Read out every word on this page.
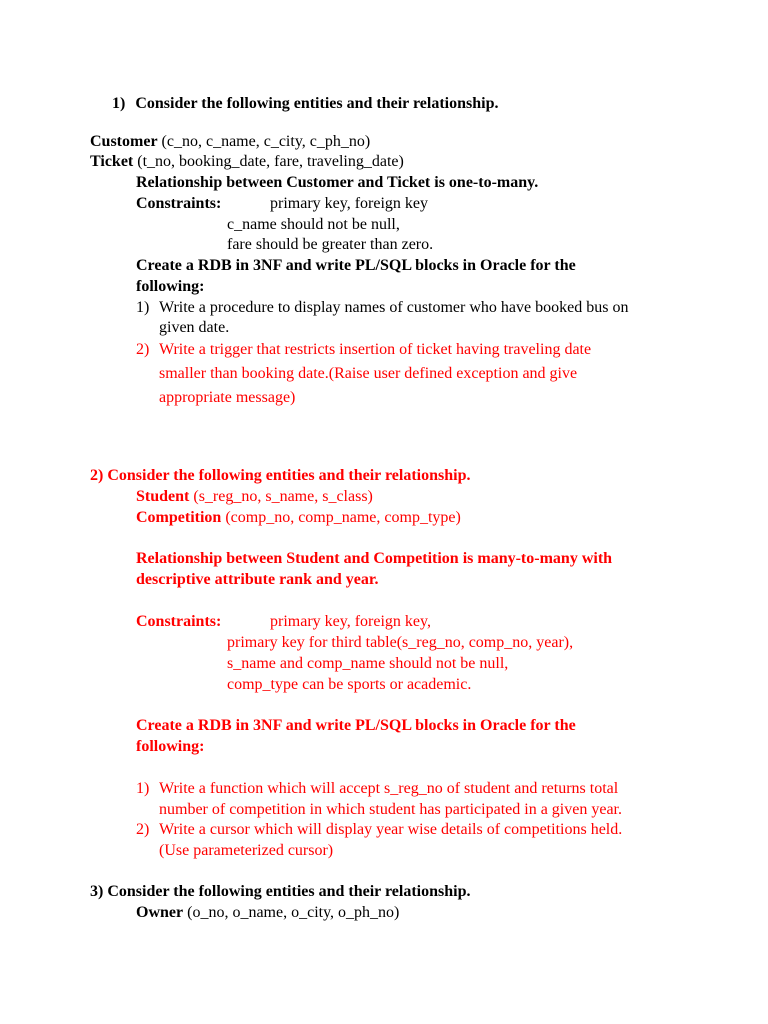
1) Consider the following entities and their relationship.
Customer (c_no, c_name, c_city, c_ph_no)
Ticket (t_no, booking_date, fare, traveling_date)
Relationship between Customer and Ticket is one-to-many.
Constraints:	primary key, foreign key
c_name should not be null,
fare should be greater than zero.
Create a RDB in 3NF and write PL/SQL blocks in Oracle for the
following:
1) Write a procedure to display names of customer who have booked bus on
given date.
2) Write a trigger that restricts insertion of ticket having traveling date
smaller than booking date.(Raise user defined exception and give
appropriate message)
2) Consider the following entities and their relationship.
Student (s_reg_no, s_name, s_class)
Competition (comp_no, comp_name, comp_type)
Relationship between Student and Competition is many-to-many with
descriptive attribute rank and year.
Constraints:	primary key, foreign key,
primary key for third table(s_reg_no, comp_no, year),
s_name and comp_name should not be null,
comp_type can be sports or academic.
Create a RDB in 3NF and write PL/SQL blocks in Oracle for the
following:
1) Write a function which will accept s_reg_no of student and returns total
number of competition in which student has participated in a given year.
2) Write a cursor which will display year wise details of competitions held.
(Use parameterized cursor)
3) Consider the following entities and their relationship.
Owner (o_no, o_name, o_city, o_ph_no)
